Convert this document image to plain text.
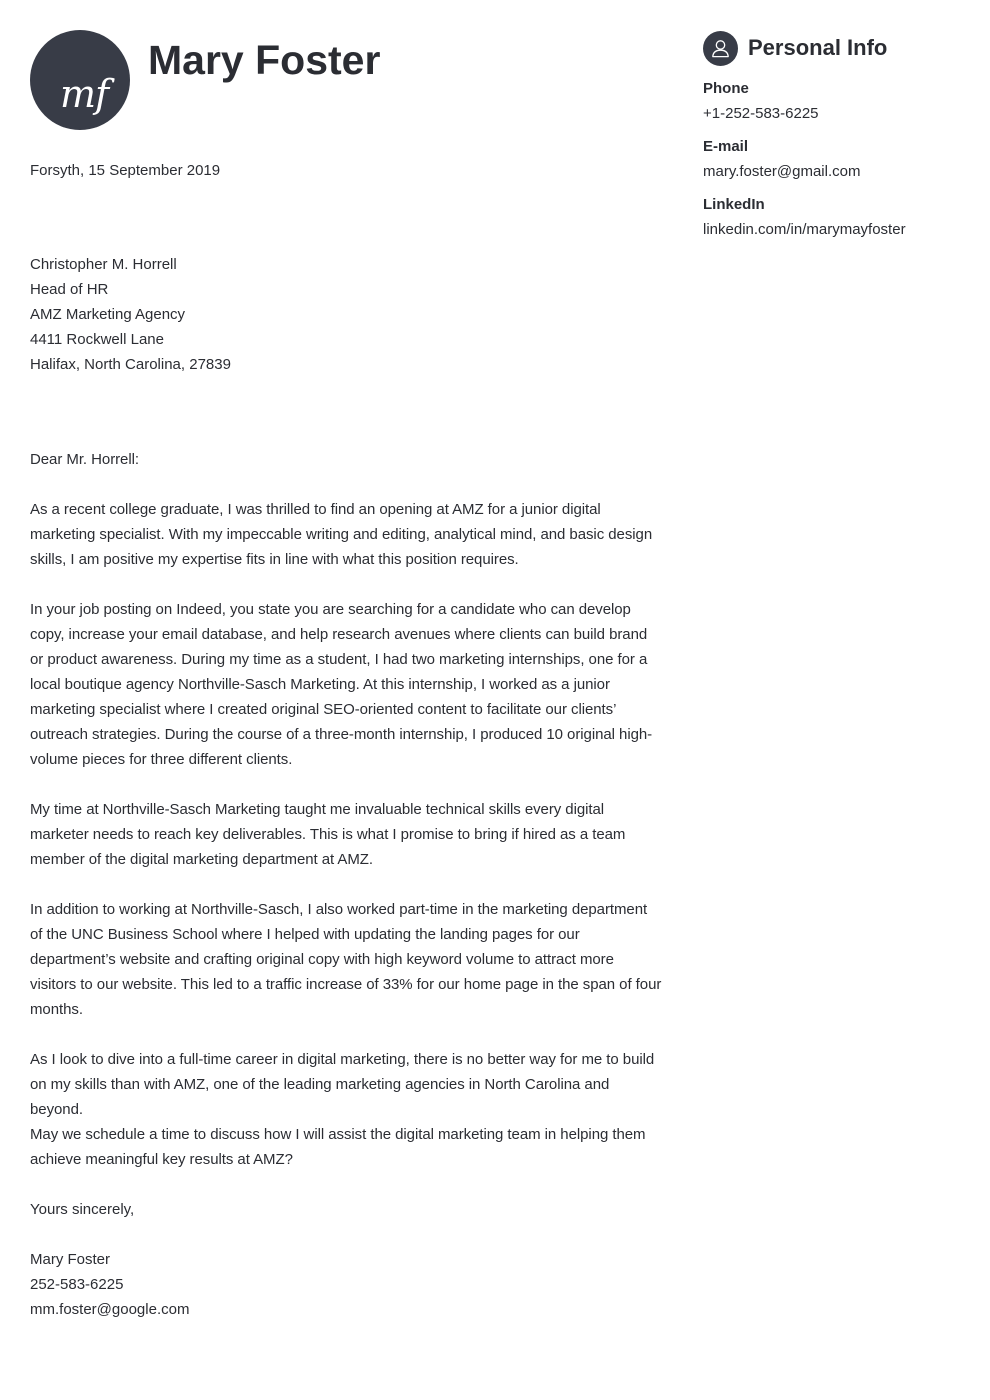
mf
Mary Foster
Forsyth, 15 September 2019
Christopher M. Horrell
Head of HR
AMZ Marketing Agency
4411 Rockwell Lane
Halifax, North Carolina, 27839

Dear Mr. Horrell:

As a recent college graduate, I was thrilled to find an opening at AMZ for a junior digital marketing specialist. With my impeccable writing and editing, analytical mind, and basic design skills, I am positive my expertise fits in line with what this position requires.

In your job posting on Indeed, you state you are searching for a candidate who can develop copy, increase your email database, and help research avenues where clients can build brand or product awareness. During my time as a student, I had two marketing internships, one for a local boutique agency Northville-Sasch Marketing. At this internship, I worked as a junior marketing specialist where I created original SEO-oriented content to facilitate our clients’ outreach strategies. During the course of a three-month internship, I produced 10 original high-volume pieces for three different clients.

My time at Northville-Sasch Marketing taught me invaluable technical skills every digital marketer needs to reach key deliverables. This is what I promise to bring if hired as a team member of the digital marketing department at AMZ.

In addition to working at Northville-Sasch, I also worked part-time in the marketing department of the UNC Business School where I helped with updating the landing pages for our department’s website and crafting original copy with high keyword volume to attract more visitors to our website. This led to a traffic increase of 33% for our home page in the span of four months.

As I look to dive into a full-time career in digital marketing, there is no better way for me to build on my skills than with AMZ, one of the leading marketing agencies in North Carolina and beyond.

May we schedule a time to discuss how I will assist the digital marketing team in helping them achieve meaningful key results at AMZ?

Yours sincerely,
Mary Foster
252-583-6225
mm.foster@google.com
Personal Info
Phone
+1-252-583-6225
E-mail
mary.foster@gmail.com
LinkedIn
linkedin.com/in/marymayfoster
